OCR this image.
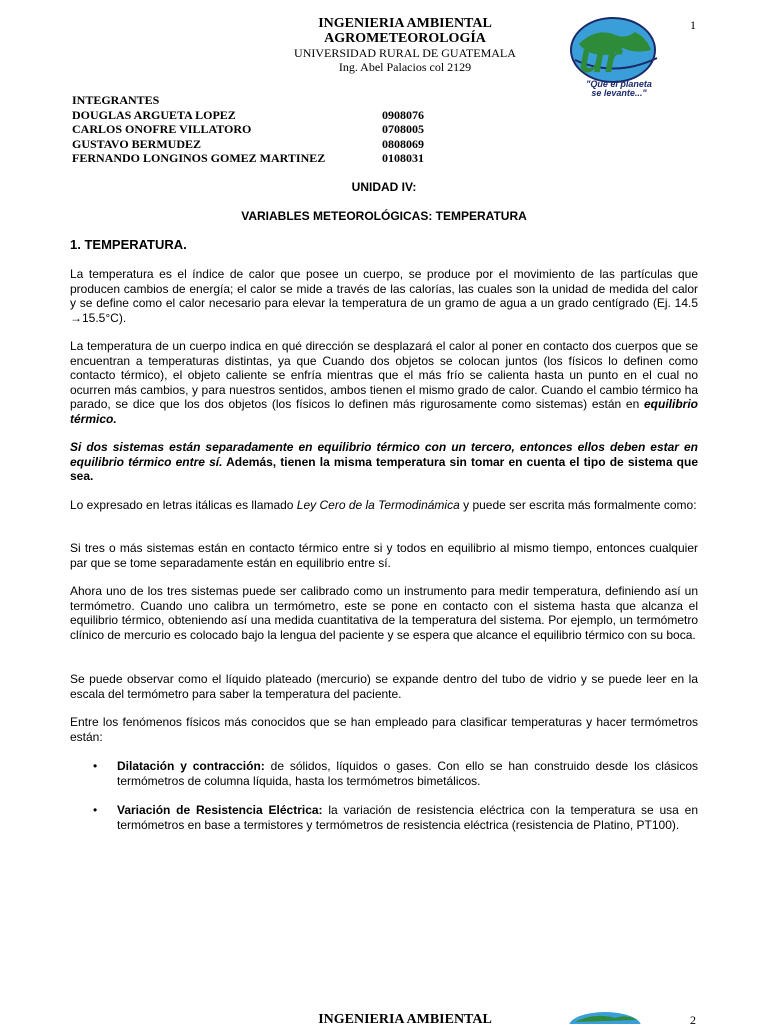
INGENIERIA AMBIENTAL
AGROMETEOROLOGÍA
UNIVERSIDAD RURAL DE GUATEMALA
Ing. Abel Palacios col 2129
1
ur
"Que el planeta
se levante..."
INTEGRANTES
DOUGLAS ARGUETA LOPEZ	0908076
CARLOS ONOFRE VILLATORO	0708005
GUSTAVO BERMUDEZ	0808069
FERNANDO LONGINOS GOMEZ MARTINEZ	0108031
UNIDAD IV:
VARIABLES METEOROLÓGICAS: TEMPERATURA
1. TEMPERATURA.

La temperatura es el índice de calor que posee un cuerpo, se produce por el movimiento de las partículas que producen cambios de energía; el calor se mide a través de las calorías, las cuales son la unidad de medida del calor y se define como el calor necesario para elevar la temperatura de un gramo de agua a un grado centígrado (Ej. 14.5 →15.5°C).

La temperatura de un cuerpo indica en qué dirección se desplazará el calor al poner en contacto dos cuerpos que se encuentran a temperaturas distintas, ya que Cuando dos objetos se colocan juntos (los físicos lo definen como contacto térmico), el objeto caliente se enfría mientras que el más frío se calienta hasta un punto en el cual no ocurren más cambios, y para nuestros sentidos, ambos tienen el mismo grado de calor. Cuando el cambio térmico ha parado, se dice que los dos objetos (los físicos lo definen más rigurosamente como sistemas) están en equilibrio térmico.

Si dos sistemas están separadamente en equilibrio térmico con un tercero, entonces ellos deben estar en equilibrio térmico entre sí. Además, tienen la misma temperatura sin tomar en cuenta el tipo de sistema que sea.

Lo expresado en letras itálicas es llamado Ley Cero de la Termodinámica y puede ser escrita más formalmente como:

Si tres o más sistemas están en contacto térmico entre si y todos en equilibrio al mismo tiempo, entonces cualquier par que se tome separadamente están en equilibrio entre sí.

Ahora uno de los tres sistemas puede ser calibrado como un instrumento para medir temperatura, definiendo así un termómetro. Cuando uno calibra un termómetro, este se pone en contacto con el sistema hasta que alcanza el equilibrio térmico, obteniendo así una medida cuantitativa de la temperatura del sistema. Por ejemplo, un termómetro clínico de mercurio es colocado bajo la lengua del paciente y se espera que alcance el equilibrio térmico con su boca.

Se puede observar como el líquido plateado (mercurio) se expande dentro del tubo de vidrio y se puede leer en la escala del termómetro para saber la temperatura del paciente.

Entre los fenómenos físicos más conocidos que se han empleado para clasificar temperaturas y hacer termómetros están:

• Dilatación y contracción: de sólidos, líquidos o gases. Con ello se han construido desde los clásicos termómetros de columna líquida, hasta los termómetros bimetálicos.

• Variación de Resistencia Eléctrica: la variación de resistencia eléctrica con la temperatura se usa en termómetros en base a termistores y termómetros de resistencia eléctrica (resistencia de Platino, PT100).

INGENIERIA AMBIENTAL	2
